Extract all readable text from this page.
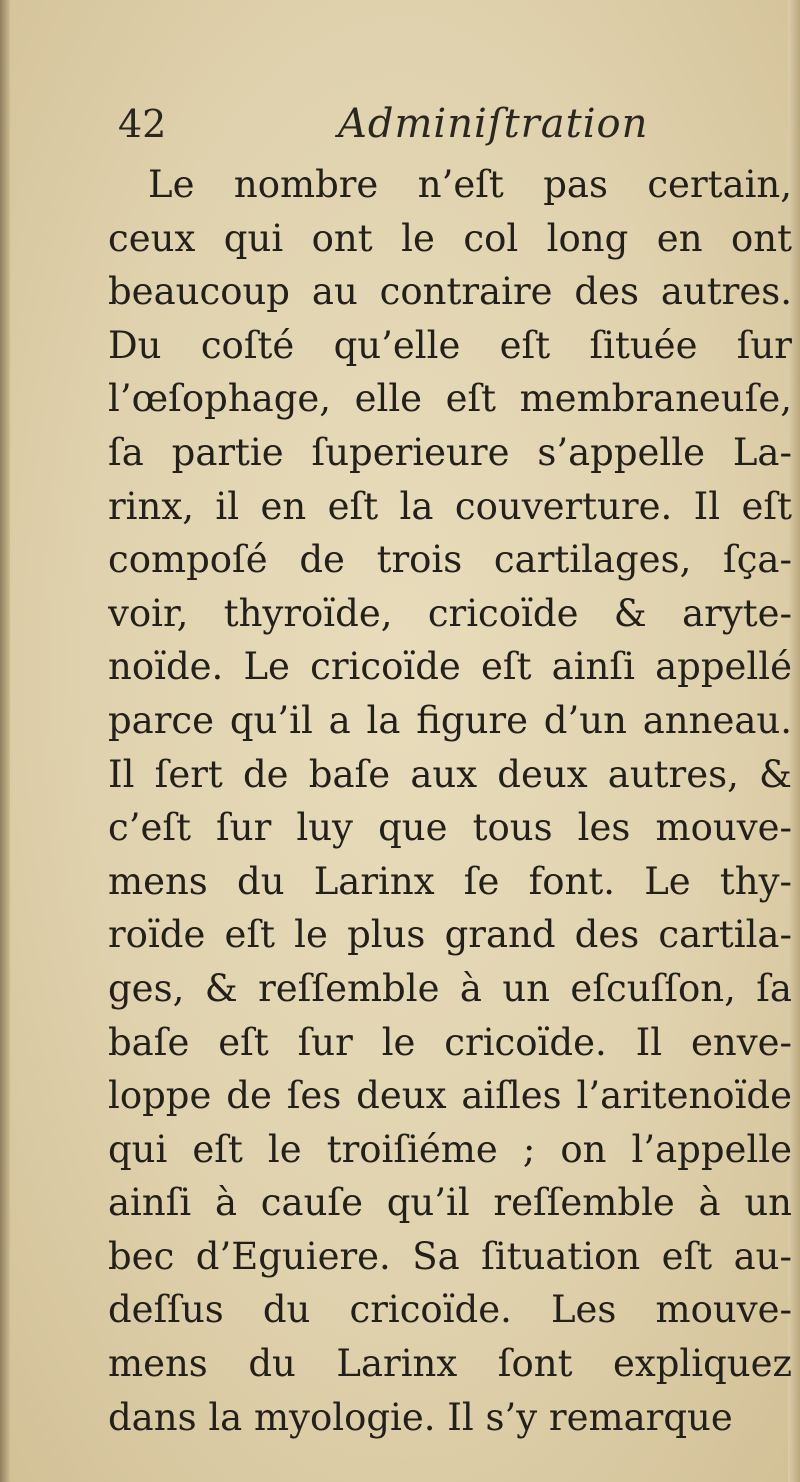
42	Adminiſtration
Le nombre n’eſt pas certain,
ceux qui ont le col long en ont
beaucoup au contraire des autres.
Du coſté qu’elle eſt ſituée ſur
l’œſophage, elle eſt membraneuſe,
ſa partie ſuperieure s’appelle La-
rinx, il en eſt la couverture. Il eſt
compoſé de trois cartilages, ſça-
voir, thyroïde, cricoïde & aryte-
noïde. Le cricoïde eſt ainſi appellé
parce qu’il a la figure d’un anneau.
Il ſert de baſe aux deux autres, &
c’eſt ſur luy que tous les mouve-
mens du Larinx ſe font. Le thy-
roïde eſt le plus grand des cartila-
ges, & reſſemble à un eſcuſſon, ſa
baſe eſt ſur le cricoïde. Il enve-
loppe de ſes deux aiſles l’aritenoïde
qui eſt le troiſiéme ; on l’appelle
ainſi à cauſe qu’il reſſemble à un
bec d’Eguiere. Sa ſituation eſt au-
deſſus du cricoïde. Les mouve-
mens du Larinx ſont expliquez
dans la myologie. Il s’y remarque
